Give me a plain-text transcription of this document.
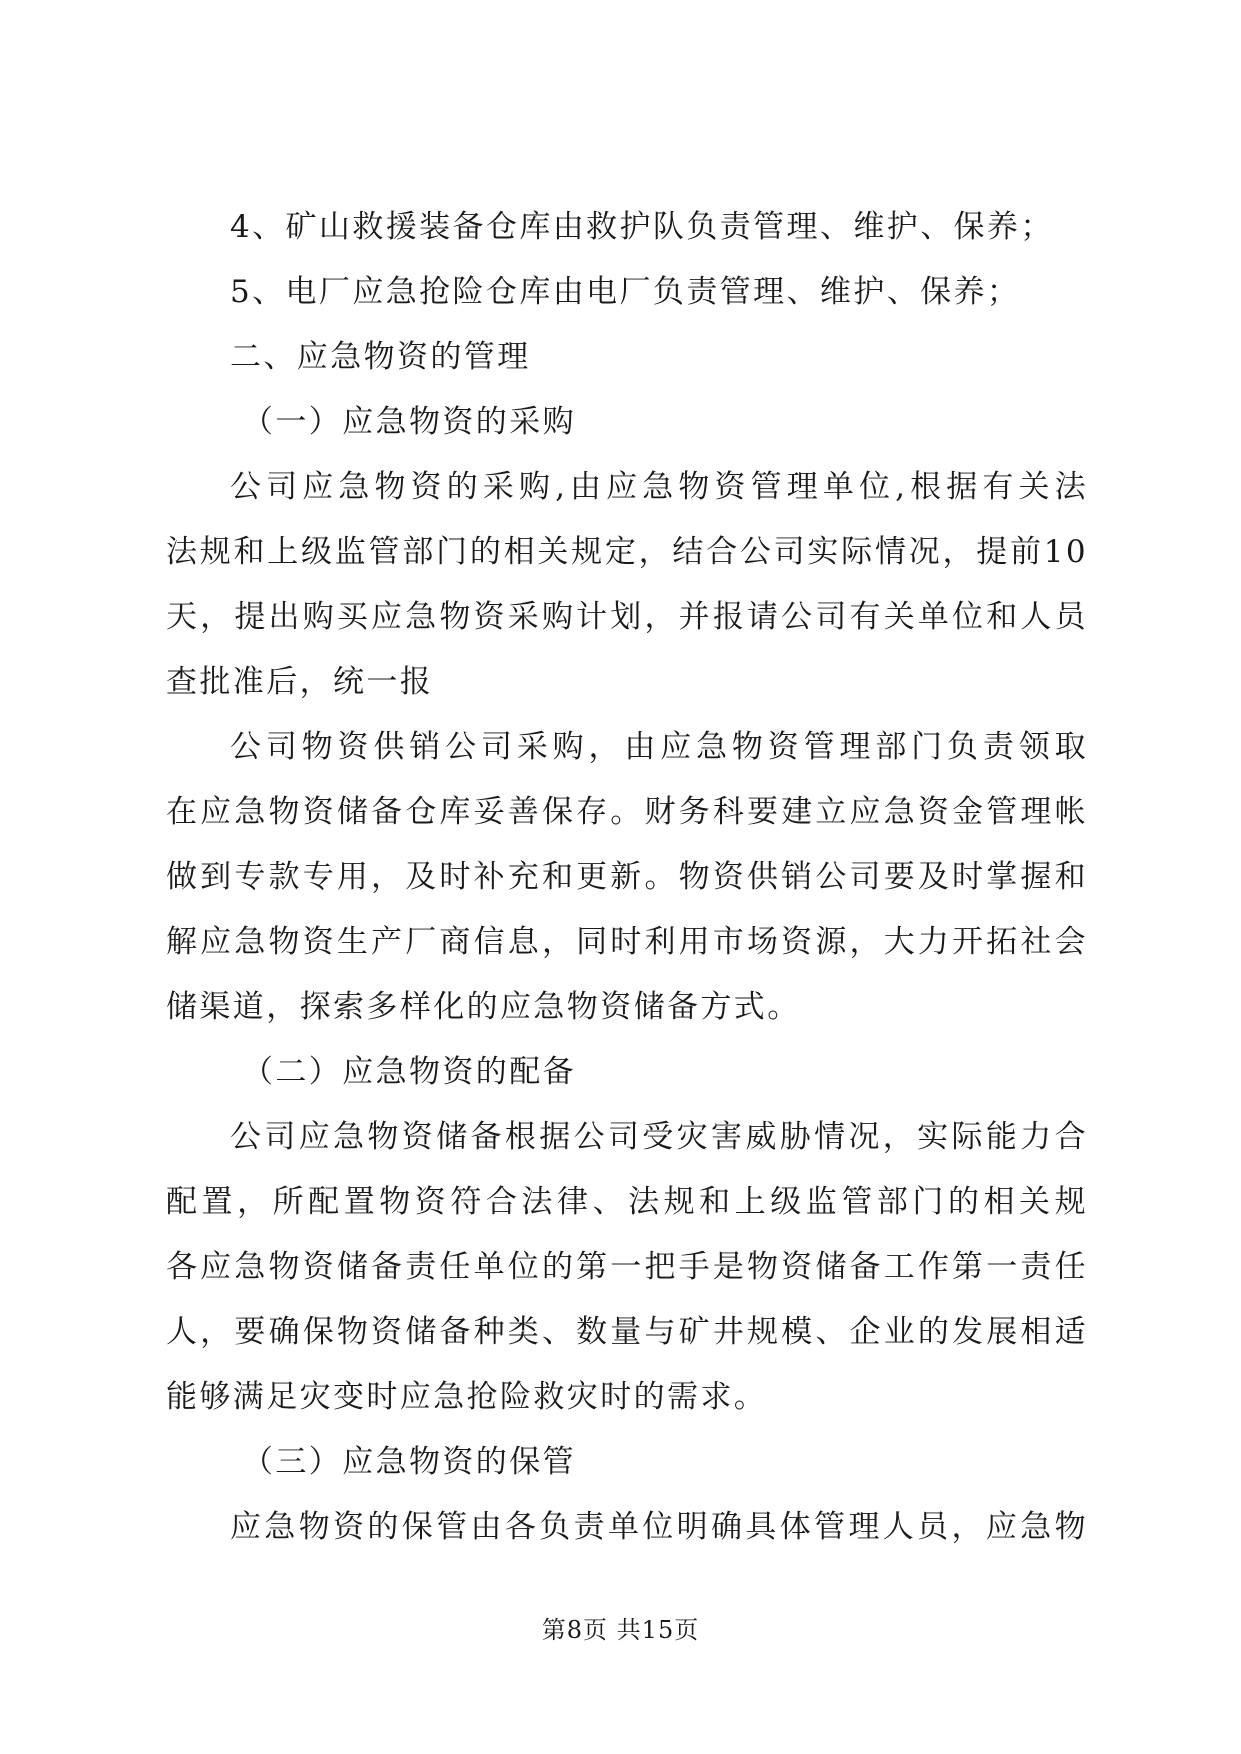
4、矿山救援装备仓库由救护队负责管理、维护、保养；
5、电厂应急抢险仓库由电厂负责管理、维护、保养；
二、应急物资的管理
（一）应急物资的采购
公司应急物资的采购,由应急物资管理单位,根据有关法
法规和上级监管部门的相关规定，结合公司实际情况，提前10
天，提出购买应急物资采购计划，并报请公司有关单位和人员
查批准后，统一报
公司物资供销公司采购，由应急物资管理部门负责领取
在应急物资储备仓库妥善保存。财务科要建立应急资金管理帐
做到专款专用，及时补充和更新。物资供销公司要及时掌握和
解应急物资生产厂商信息，同时利用市场资源，大力开拓社会
储渠道，探索多样化的应急物资储备方式。
（二）应急物资的配备
公司应急物资储备根据公司受灾害威胁情况，实际能力合
配置，所配置物资符合法律、法规和上级监管部门的相关规
各应急物资储备责任单位的第一把手是物资储备工作第一责任
人，要确保物资储备种类、数量与矿井规模、企业的发展相适
能够满足灾变时应急抢险救灾时的需求。
（三）应急物资的保管
应急物资的保管由各负责单位明确具体管理人员，应急物
第8页 共15页
